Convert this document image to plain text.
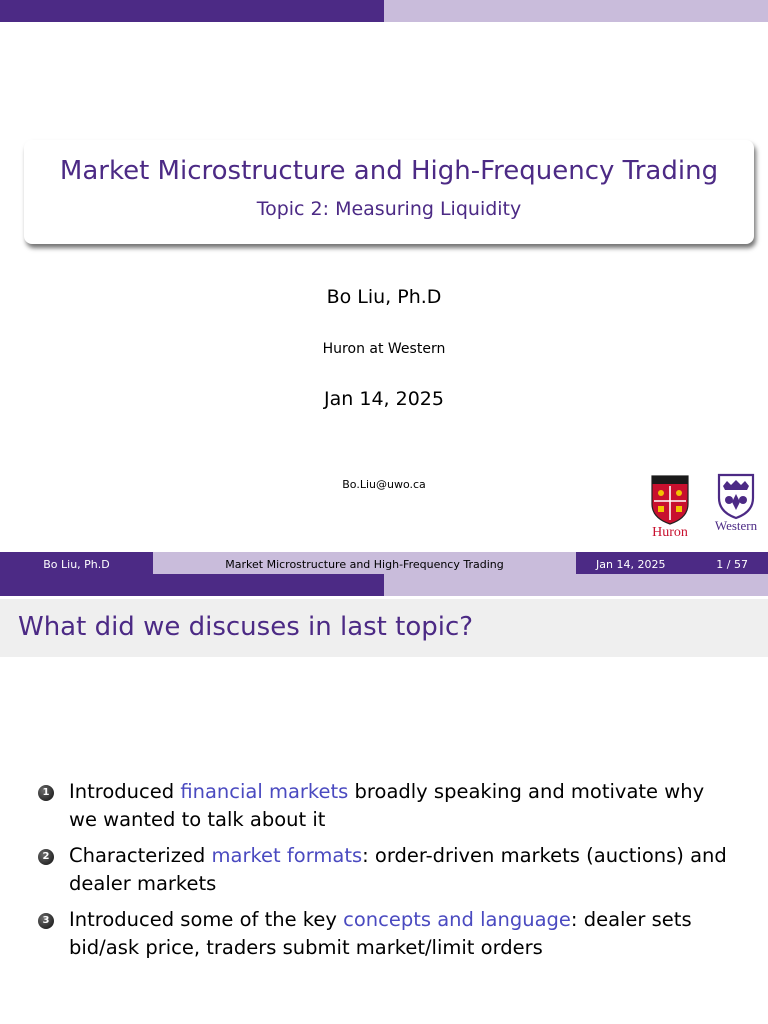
Market Microstructure and High-Frequency Trading
Topic 2: Measuring Liquidity
Bo Liu, Ph.D
Huron at Western
Jan 14, 2025
Bo.Liu@uwo.ca
Huron Western
Bo Liu, Ph.D	Market Microstructure and High-Frequency Trading	Jan 14, 2025	1 / 57
What did we discuses in last topic?
1 Introduced financial markets broadly speaking and motivate why we wanted to talk about it
2 Characterized market formats: order-driven markets (auctions) and dealer markets
3 Introduced some of the key concepts and language: dealer sets bid/ask price, traders submit market/limit orders
